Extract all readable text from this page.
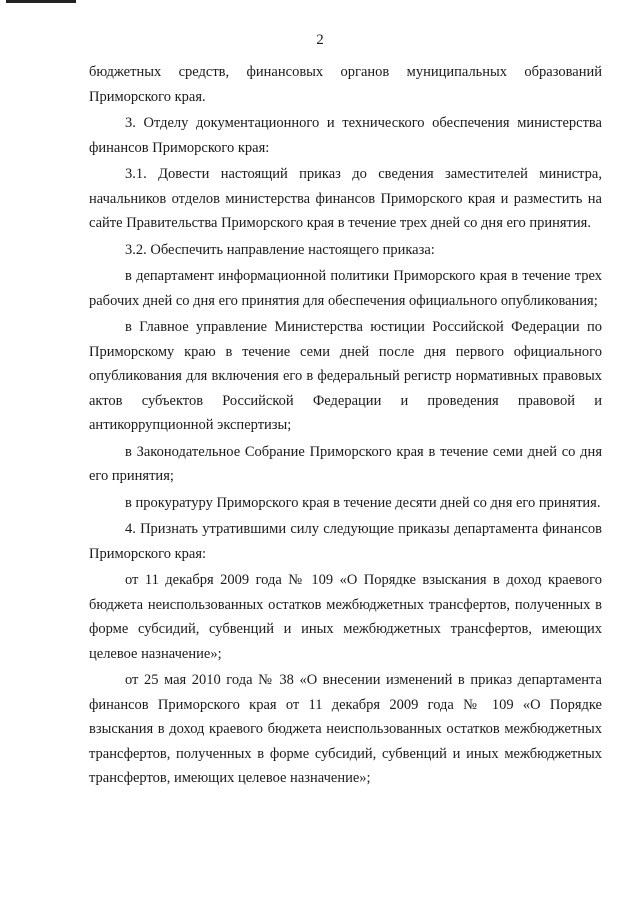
2

бюджетных средств, финансовых органов муниципальных образований Приморского края.

3. Отделу документационного и технического обеспечения министерства финансов Приморского края:

3.1. Довести настоящий приказ до сведения заместителей министра, начальников отделов министерства финансов Приморского края и разместить на сайте Правительства Приморского края в течение трех дней со дня его принятия.

3.2. Обеспечить направление настоящего приказа:

в департамент информационной политики Приморского края в течение трех рабочих дней со дня его принятия для обеспечения официального опубликования;

в Главное управление Министерства юстиции Российской Федерации по Приморскому краю в течение семи дней после дня первого официального опубликования для включения его в федеральный регистр нормативных правовых актов субъектов Российской Федерации и проведения правовой и антикоррупционной экспертизы;

в Законодательное Собрание Приморского края в течение семи дней со дня его принятия;

в прокуратуру Приморского края в течение десяти дней со дня его принятия.

4. Признать утратившими силу следующие приказы департамента финансов Приморского края:

от 11 декабря 2009 года № 109 «О Порядке взыскания в доход краевого бюджета неиспользованных остатков межбюджетных трансфертов, полученных в форме субсидий, субвенций и иных межбюджетных трансфертов, имеющих целевое назначение»;

от 25 мая 2010 года № 38 «О внесении изменений в приказ департамента финансов Приморского края от 11 декабря 2009 года № 109 «О Порядке взыскания в доход краевого бюджета неиспользованных остатков межбюджетных трансфертов, полученных в форме субсидий, субвенций и иных межбюджетных трансфертов, имеющих целевое назначение»;
